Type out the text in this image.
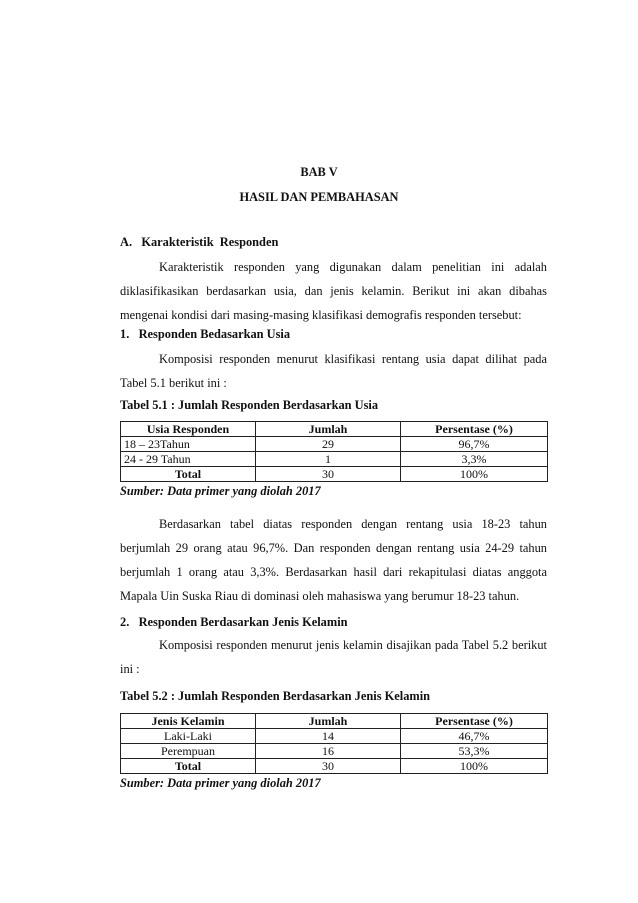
BAB V
HASIL DAN PEMBAHASAN
A.   Karakteristik  Responden
Karakteristik responden yang digunakan dalam penelitian ini adalah diklasifikasikan berdasarkan usia, dan jenis kelamin. Berikut ini akan dibahas mengenai kondisi dari masing-masing klasifikasi demografis responden tersebut:
1.   Responden Bedasarkan Usia
Komposisi responden menurut klasifikasi rentang usia dapat dilihat pada Tabel 5.1 berikut ini :
Tabel 5.1 : Jumlah Responden Berdasarkan Usia
Usia Responden	Jumlah	Persentase (%)
18 – 23Tahun	29	96,7%
24 - 29 Tahun	1	3,3%
Total	30	100%
Sumber: Data primer yang diolah 2017
Berdasarkan tabel diatas responden dengan rentang usia 18-23 tahun berjumlah 29 orang atau 96,7%. Dan responden dengan rentang usia 24-29 tahun berjumlah 1 orang atau 3,3%. Berdasarkan hasil dari rekapitulasi diatas anggota Mapala Uin Suska Riau di dominasi oleh mahasiswa yang berumur 18-23 tahun.
2.   Responden Berdasarkan Jenis Kelamin
Komposisi responden menurut jenis kelamin disajikan pada Tabel 5.2 berikut ini :
Tabel 5.2 : Jumlah Responden Berdasarkan Jenis Kelamin
Jenis Kelamin	Jumlah	Persentase (%)
Laki-Laki	14	46,7%
Perempuan	16	53,3%
Total	30	100%
Sumber: Data primer yang diolah 2017
